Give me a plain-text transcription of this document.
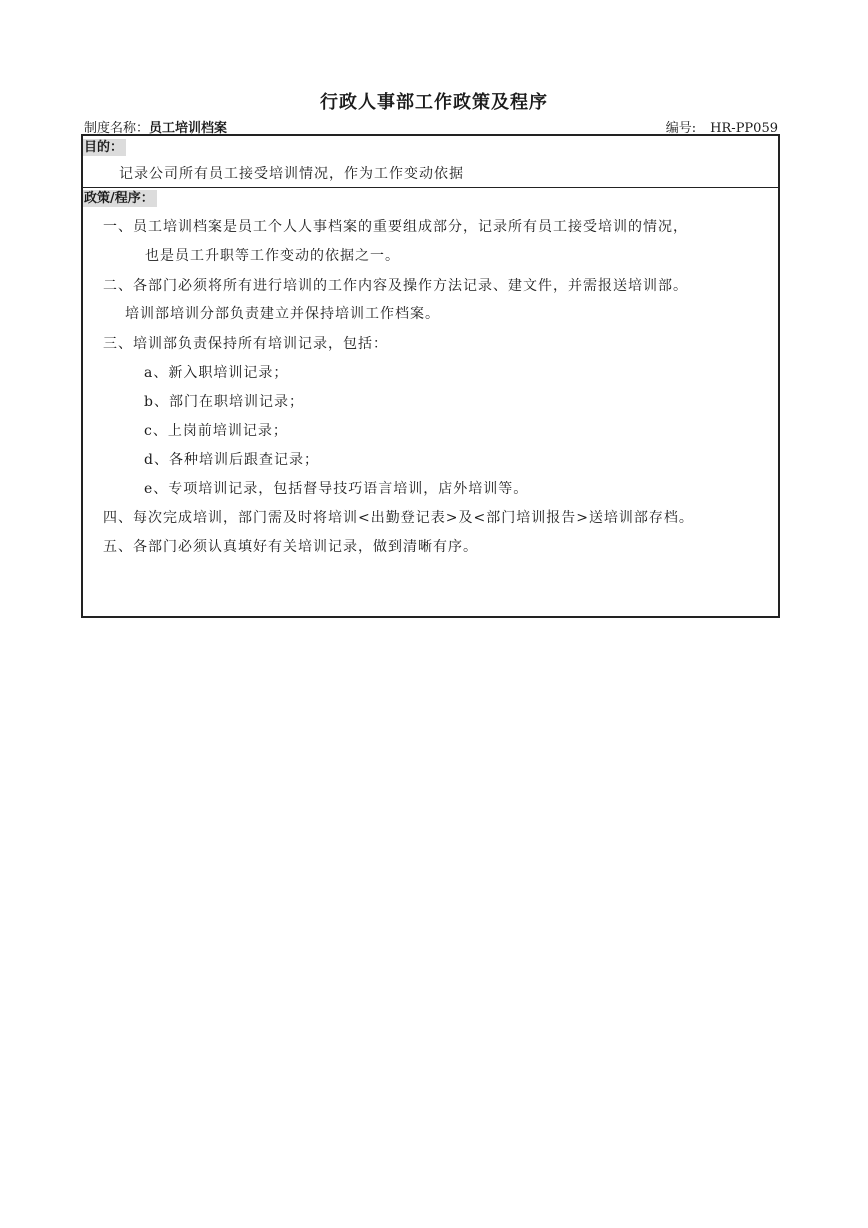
行政人事部工作政策及程序
制度名称：员工培训档案	编号: HR-PP059
目的：
记录公司所有员工接受培训情况，作为工作变动依据
政策/程序：
一、员工培训档案是员工个人人事档案的重要组成部分，记录所有员工接受培训的情况，
也是员工升职等工作变动的依据之一。
二、各部门必须将所有进行培训的工作内容及操作方法记录、建文件，并需报送培训部。
培训部培训分部负责建立并保持培训工作档案。
三、培训部负责保持所有培训记录，包括：
a、新入职培训记录；
b、部门在职培训记录；
c、上岗前培训记录；
d、各种培训后跟查记录；
e、专项培训记录，包括督导技巧语言培训，店外培训等。
四、每次完成培训，部门需及时将培训<出勤登记表>及<部门培训报告>送培训部存档。
五、各部门必须认真填好有关培训记录，做到清晰有序。
